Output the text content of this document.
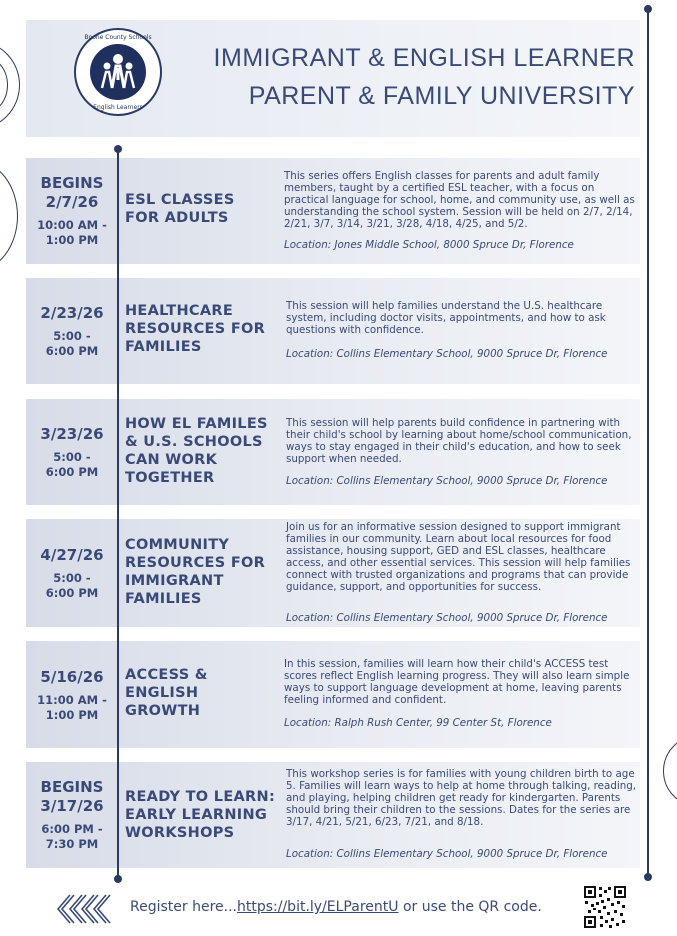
Boone County Schools
English Learners
IMMIGRANT & ENGLISH LEARNER
PARENT & FAMILY UNIVERSITY
BEGINS
2/7/26
10:00 AM -
1:00 PM
ESL CLASSES
FOR ADULTS
This series offers English classes for parents and adult family members, taught by a certified ESL teacher, with a focus on practical language for school, home, and community use, as well as understanding the school system. Session will be held on 2/7, 2/14, 2/21, 3/7, 3/14, 3/21, 3/28, 4/18, 4/25, and 5/2.
Location: Jones Middle School, 8000 Spruce Dr, Florence
2/23/26
5:00 -
6:00 PM
HEALTHCARE
RESOURCES FOR
FAMILIES
This session will help families understand the U.S. healthcare system, including doctor visits, appointments, and how to ask questions with confidence.
Location: Collins Elementary School, 9000 Spruce Dr, Florence
3/23/26
5:00 -
6:00 PM
HOW EL FAMILES
& U.S. SCHOOLS
CAN WORK
TOGETHER
This session will help parents build confidence in partnering with their child's school by learning about home/school communication, ways to stay engaged in their child's education, and how to seek support when needed.
Location: Collins Elementary School, 9000 Spruce Dr, Florence
4/27/26
5:00 -
6:00 PM
COMMUNITY
RESOURCES FOR
IMMIGRANT
FAMILIES
Join us for an informative session designed to support immigrant families in our community. Learn about local resources for food assistance, housing support, GED and ESL classes, healthcare access, and other essential services. This session will help families connect with trusted organizations and programs that can provide guidance, support, and opportunities for success.
Location: Collins Elementary School, 9000 Spruce Dr, Florence
5/16/26
11:00 AM -
1:00 PM
ACCESS &
ENGLISH
GROWTH
In this session, families will learn how their child's ACCESS test scores reflect English learning progress. They will also learn simple ways to support language development at home, leaving parents feeling informed and confident.
Location: Ralph Rush Center, 99 Center St, Florence
BEGINS
3/17/26
6:00 PM -
7:30 PM
READY TO LEARN:
EARLY LEARNING
WORKSHOPS
This workshop series is for families with young children birth to age 5. Families will learn ways to help at home through talking, reading, and playing, helping children get ready for kindergarten. Parents should bring their children to the sessions. Dates for the series are 3/17, 4/21, 5/21, 6/23, 7/21, and 8/18.
Location: Collins Elementary School, 9000 Spruce Dr, Florence
Register here...https://bit.ly/ELParentU or use the QR code.
